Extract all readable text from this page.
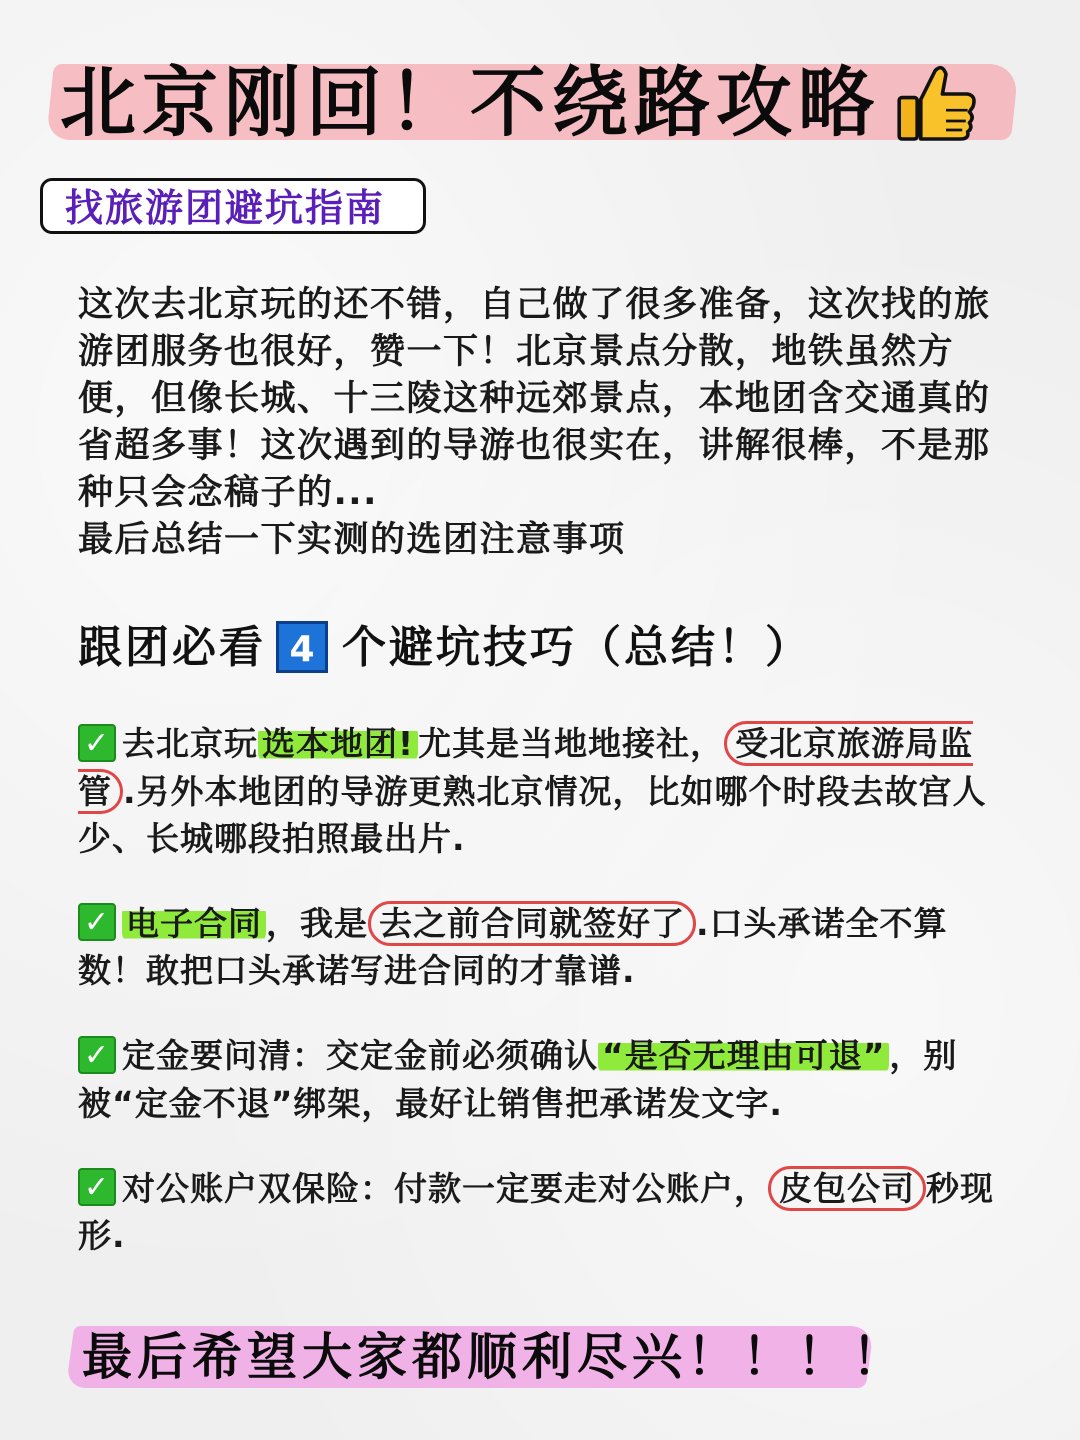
北京刚回！不绕路攻略
找旅游团避坑指南

这次去北京玩的还不错，自己做了很多准备，这次找的旅游团服务也很好，赞一下！北京景点分散，地铁虽然方便，但像长城、十三陵这种远郊景点，本地团含交通真的省超多事！这次遇到的导游也很实在，讲解很棒，不是那种只会念稿子的...

最后总结一下实测的选团注意事项

跟团必看 4 个避坑技巧（总结！）
✓ 去北京玩 选本地团! 尤其是当地地接社， 受北京旅游局监管 .另外本地团的导游更熟北京情况，比如哪个时段去故宫人少、长城哪段拍照最出片.
✓ 电子合同 ，我是 去之前合同就签好了 .口头承诺全不算数！敢把口头承诺写进合同的才靠谱.
✓ 定金要问清：交定金前必须确认 “是否无理由可退” ，别被“定金不退”绑架，最好让销售把承诺发文字.
✓ 对公账户双保险：付款一定要走对公账户， 皮包公司 秒现形.

最后希望大家都顺利尽兴！！！！
